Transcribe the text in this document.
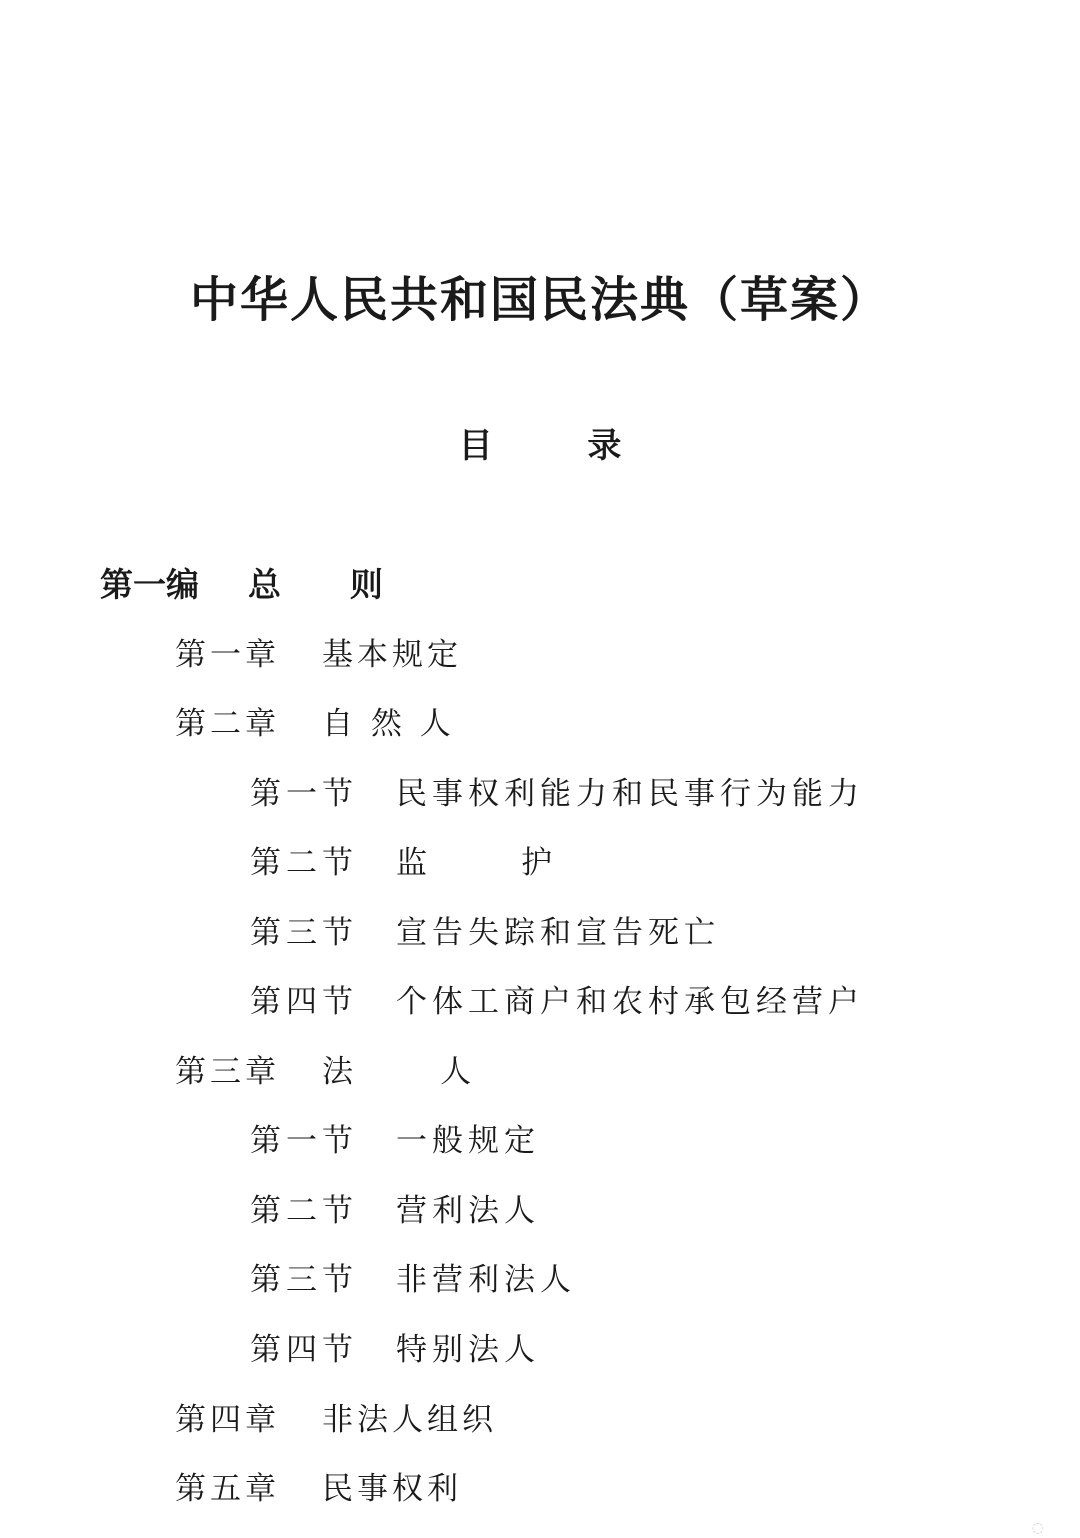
中华人民共和国民法典（草案）
目        录
第一编	总      则
第一章	基本规定
第二章	自 然 人
第一节	民事权利能力和民事行为能力
第二节	监      护
第三节	宣告失踪和宣告死亡
第四节	个体工商户和农村承包经营户
第三章	法      人
第一节	一般规定
第二节	营利法人
第三节	非营利法人
第四节	特别法人
第四章	非法人组织
第五章	民事权利
◌
